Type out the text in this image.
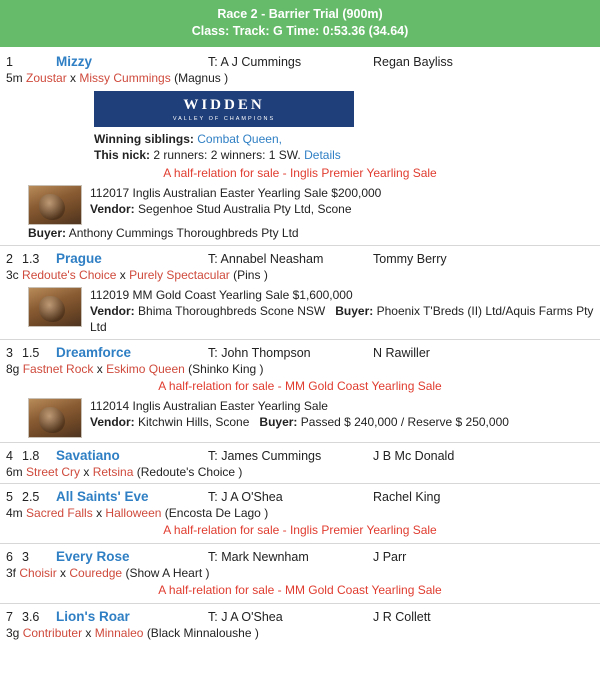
Race 2 - Barrier Trial (900m)
Class: Track: G Time: 0:53.36 (34.64)
1	Mizzy	T: A J Cummings	Regan Bayliss
5m Zoustar x Missy Cummings (Magnus )
WIDDEN
VALLEY OF CHAMPIONS
Winning siblings: Combat Queen,
This nick: 2 runners: 2 winners: 1 SW. Details
A half-relation for sale - Inglis Premier Yearling Sale
112017 Inglis Australian Easter Yearling Sale $200,000
Vendor: Segenhoe Stud Australia Pty Ltd, Scone
Buyer: Anthony Cummings Thoroughbreds Pty Ltd
2 1.3	Prague	T: Annabel Neasham	Tommy Berry
3c Redoute's Choice x Purely Spectacular (Pins )
112019 MM Gold Coast Yearling Sale $1,600,000
Vendor: Bhima Thoroughbreds Scone NSW Buyer: Phoenix T'Breds (II) Ltd/Aquis Farms Pty Ltd
3 1.5	Dreamforce	T: John Thompson	N Rawiller
8g Fastnet Rock x Eskimo Queen (Shinko King )
A half-relation for sale - MM Gold Coast Yearling Sale
112014 Inglis Australian Easter Yearling Sale
Vendor: Kitchwin Hills, Scone Buyer: Passed $ 240,000 / Reserve $ 250,000
4 1.8	Savatiano	T: James Cummings	J B Mc Donald
6m Street Cry x Retsina (Redoute's Choice )
5 2.5	All Saints' Eve	T: J A O'Shea	Rachel King
4m Sacred Falls x Halloween (Encosta De Lago )
A half-relation for sale - Inglis Premier Yearling Sale
6 3	Every Rose	T: Mark Newnham	J Parr
3f Choisir x Couredge (Show A Heart )
A half-relation for sale - MM Gold Coast Yearling Sale
7 3.6	Lion's Roar	T: J A O'Shea	J R Collett
3g Contributer x Minnaleo (Black Minnaloushe )
